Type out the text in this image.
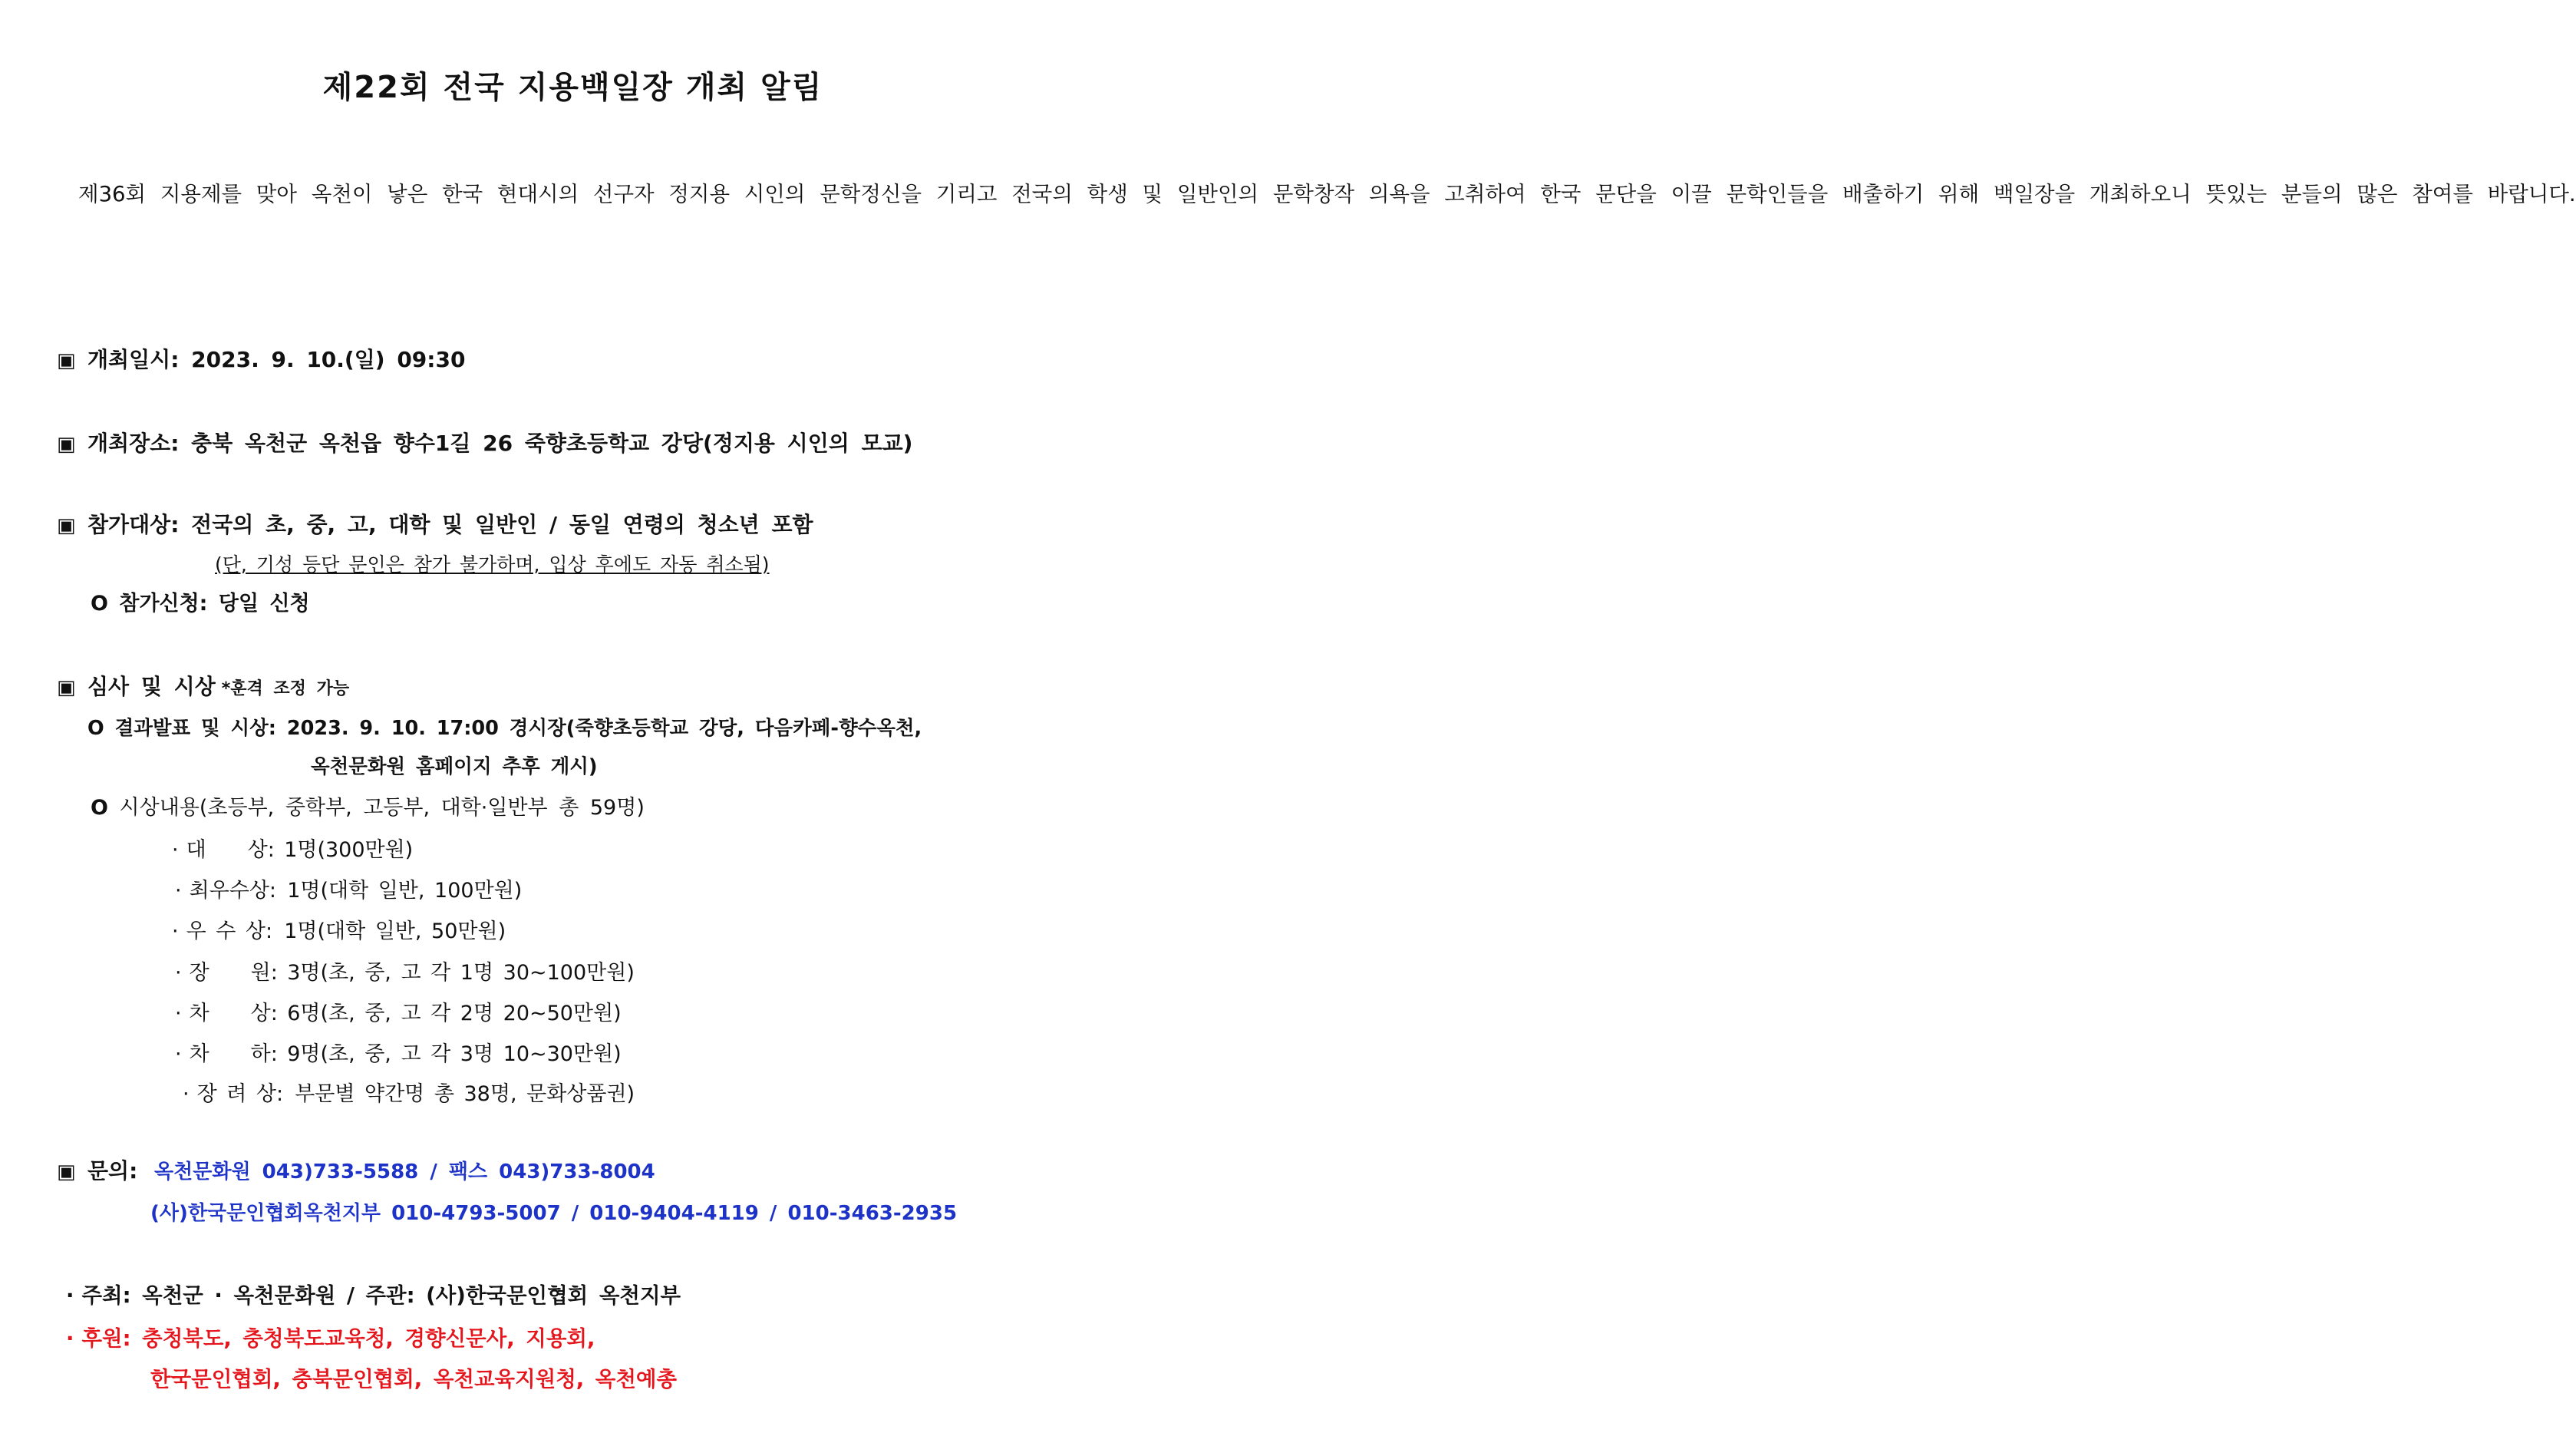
제22회 전국 지용백일장 개최 알림

제36회 지용제를 맞아 옥천이 낳은 한국 현대시의 선구자 정지용 시인의 문학정신을 기리고 전국의 학생 및 일반인의 문학창작 의욕을 고취하여 한국 문단을 이끌 문학인들을 배출하기 위해 백일장을 개최하오니 뜻있는 분들의 많은 참여를 바랍니다.

▣ 개최일시: 2023. 9. 10.(일) 09:30
▣ 개최장소: 충북 옥천군 옥천읍 향수1길 26 죽향초등학교 강당(정지용 시인의 모교)
▣ 참가대상: 전국의 초, 중, 고, 대학 및 일반인 / 동일 연령의 청소년 포함
(단, 기성 등단 문인은 참가 불가하며, 입상 후에도 자동 취소됨)
O 참가신청: 당일 신청
▣ 심사 및 시상 *훈격 조정 가능
O 결과발표 및 시상: 2023. 9. 10. 17:00 경시장(죽향초등학교 강당, 다음카페-향수옥천,
옥천문화원 홈페이지 추후 게시)
O 시상내용(초등부, 중학부, 고등부, 대학·일반부 총 59명)
· 대　　상: 1명(300만원)
· 최우수상: 1명(대학 일반, 100만원)
· 우 수 상: 1명(대학 일반, 50만원)
· 장　　원: 3명(초, 중, 고 각 1명 30~100만원)
· 차　　상: 6명(초, 중, 고 각 2명 20~50만원)
· 차　　하: 9명(초, 중, 고 각 3명 10~30만원)
· 장 려 상: 부문별 약간명 총 38명, 문화상품권)
▣ 문의: 옥천문화원 043)733-5588 / 팩스 043)733-8004
(사)한국문인협회옥천지부 010-4793-5007 / 010-9404-4119 / 010-3463-2935
· 주최: 옥천군 · 옥천문화원 / 주관: (사)한국문인협회 옥천지부
· 후원: 충청북도, 충청북도교육청, 경향신문사, 지용회,
한국문인협회, 충북문인협회, 옥천교육지원청, 옥천예총
